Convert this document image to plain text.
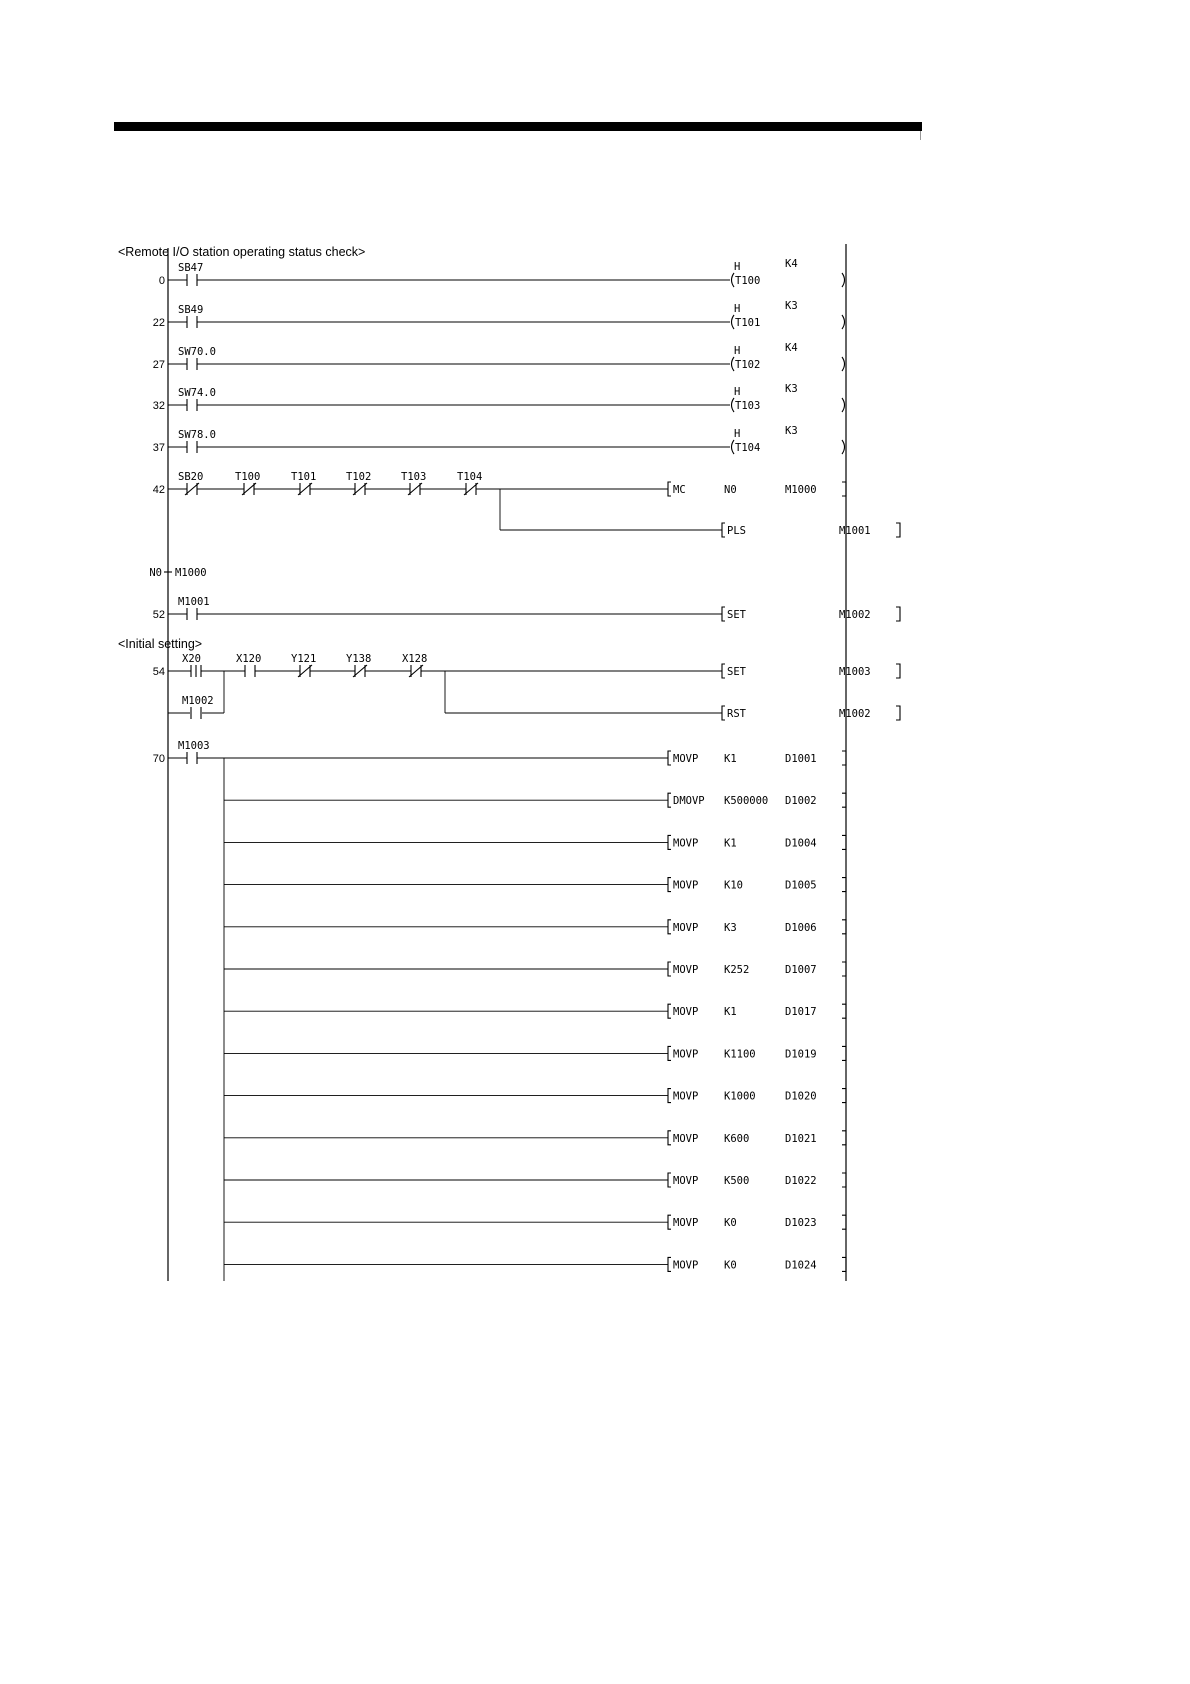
<Remote I/O station operating status check>
<Initial setting>
0
SB47	H
T100
K4
22
SB49	H
T101
K3
27
SW70.0	H
T102
K4
32
SW74.0	H
T103
K3
37
SW78.0	H
T104
K3
42
SB20	T100	T101	T102	T103	T104
MC	N0	M1000
PLS	M1001
N0 M1000
52
M1001
SET	M1002
54
X20
M1002
X120	Y121	Y138	X128
SET	M1003
RST	M1002
70
M1003
MOVP K1	D1001
DMOVP K500000 D1002
MOVP K1	D1004
MOVP K10	D1005
MOVP K3	D1006
MOVP K252	D1007
MOVP K1	D1017
MOVP K1100	D1019
MOVP K1000	D1020
MOVP K600	D1021
MOVP K500	D1022
MOVP K0	D1023
MOVP K0	D1024
